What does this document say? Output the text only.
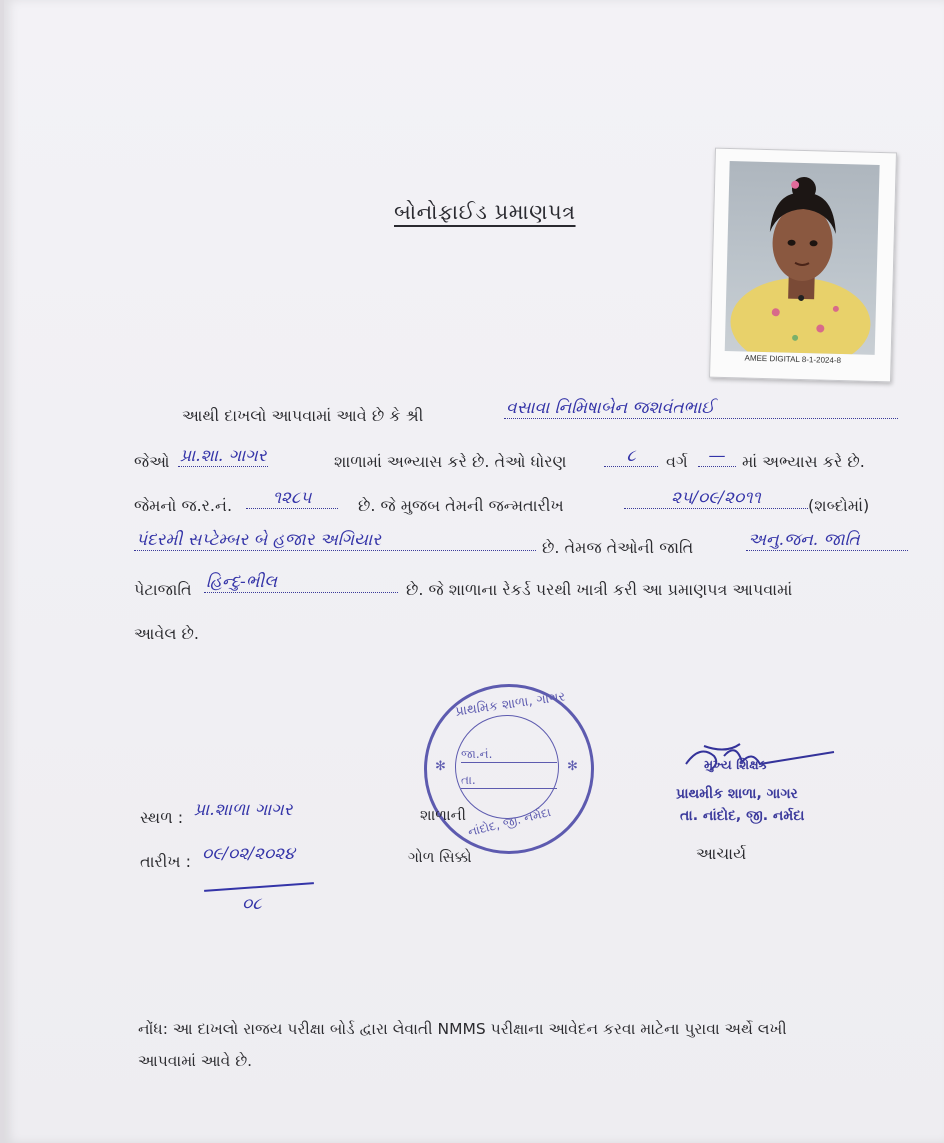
બોનોફાઈડ પ્રમાણપત્ર
AMEE DIGITAL 8-1-2024-8
આથી દાખલો આપવામાં આવે છે કે શ્રી	વસાવા નિમિષાબેન જશવંતભાઈ
જેઓ પ્રા.શા. ગાગર	શાળામાં અભ્યાસ કરે છે. તેઓ ધોરણ	૮	વર્ગ	—	માં અભ્યાસ કરે છે.
જેમનો જ.ર.નં.	૧૨૮૫	છે. જે મુજબ તેમની જન્મતારીખ	૨૫/૦૯/૨૦૧૧	(શબ્દોમાં)
પંદરમી સપ્ટેમ્બર બે હજાર અગિયાર	છે. તેમજ તેઓની જાતિ	અનુ.જન. જાતિ
પેટાજાતિ હિન્દુ-ભીલ	છે. જે શાળાના રેકર્ડ પરથી ખાત્રી કરી આ પ્રમાણપત્ર આપવામાં
આવેલ છે.
પ્રાથમિક શાળા, ગાગર
જા.નં.
તા.
નાંદોદ, જી. નર્મદા
✻	✻
શાળાની
ગોળ સિક્કો
સ્થળ : પ્રા.શાળા ગાગર
તારીખ : ૦૯/૦૨/૨૦૨૪
૦૮
મુખ્ય શિક્ષક
પ્રાથમીક શાળા, ગાગર
તા. નાંદોદ, જી. નર્મદા
આચાર્ય
નોંધ: આ દાખલો રાજય પરીક્ષા બોર્ડ દ્વારા લેવાતી NMMS પરીક્ષાના આવેદન કરવા માટેના પુરાવા અર્થે લખી
આપવામાં આવે છે.
